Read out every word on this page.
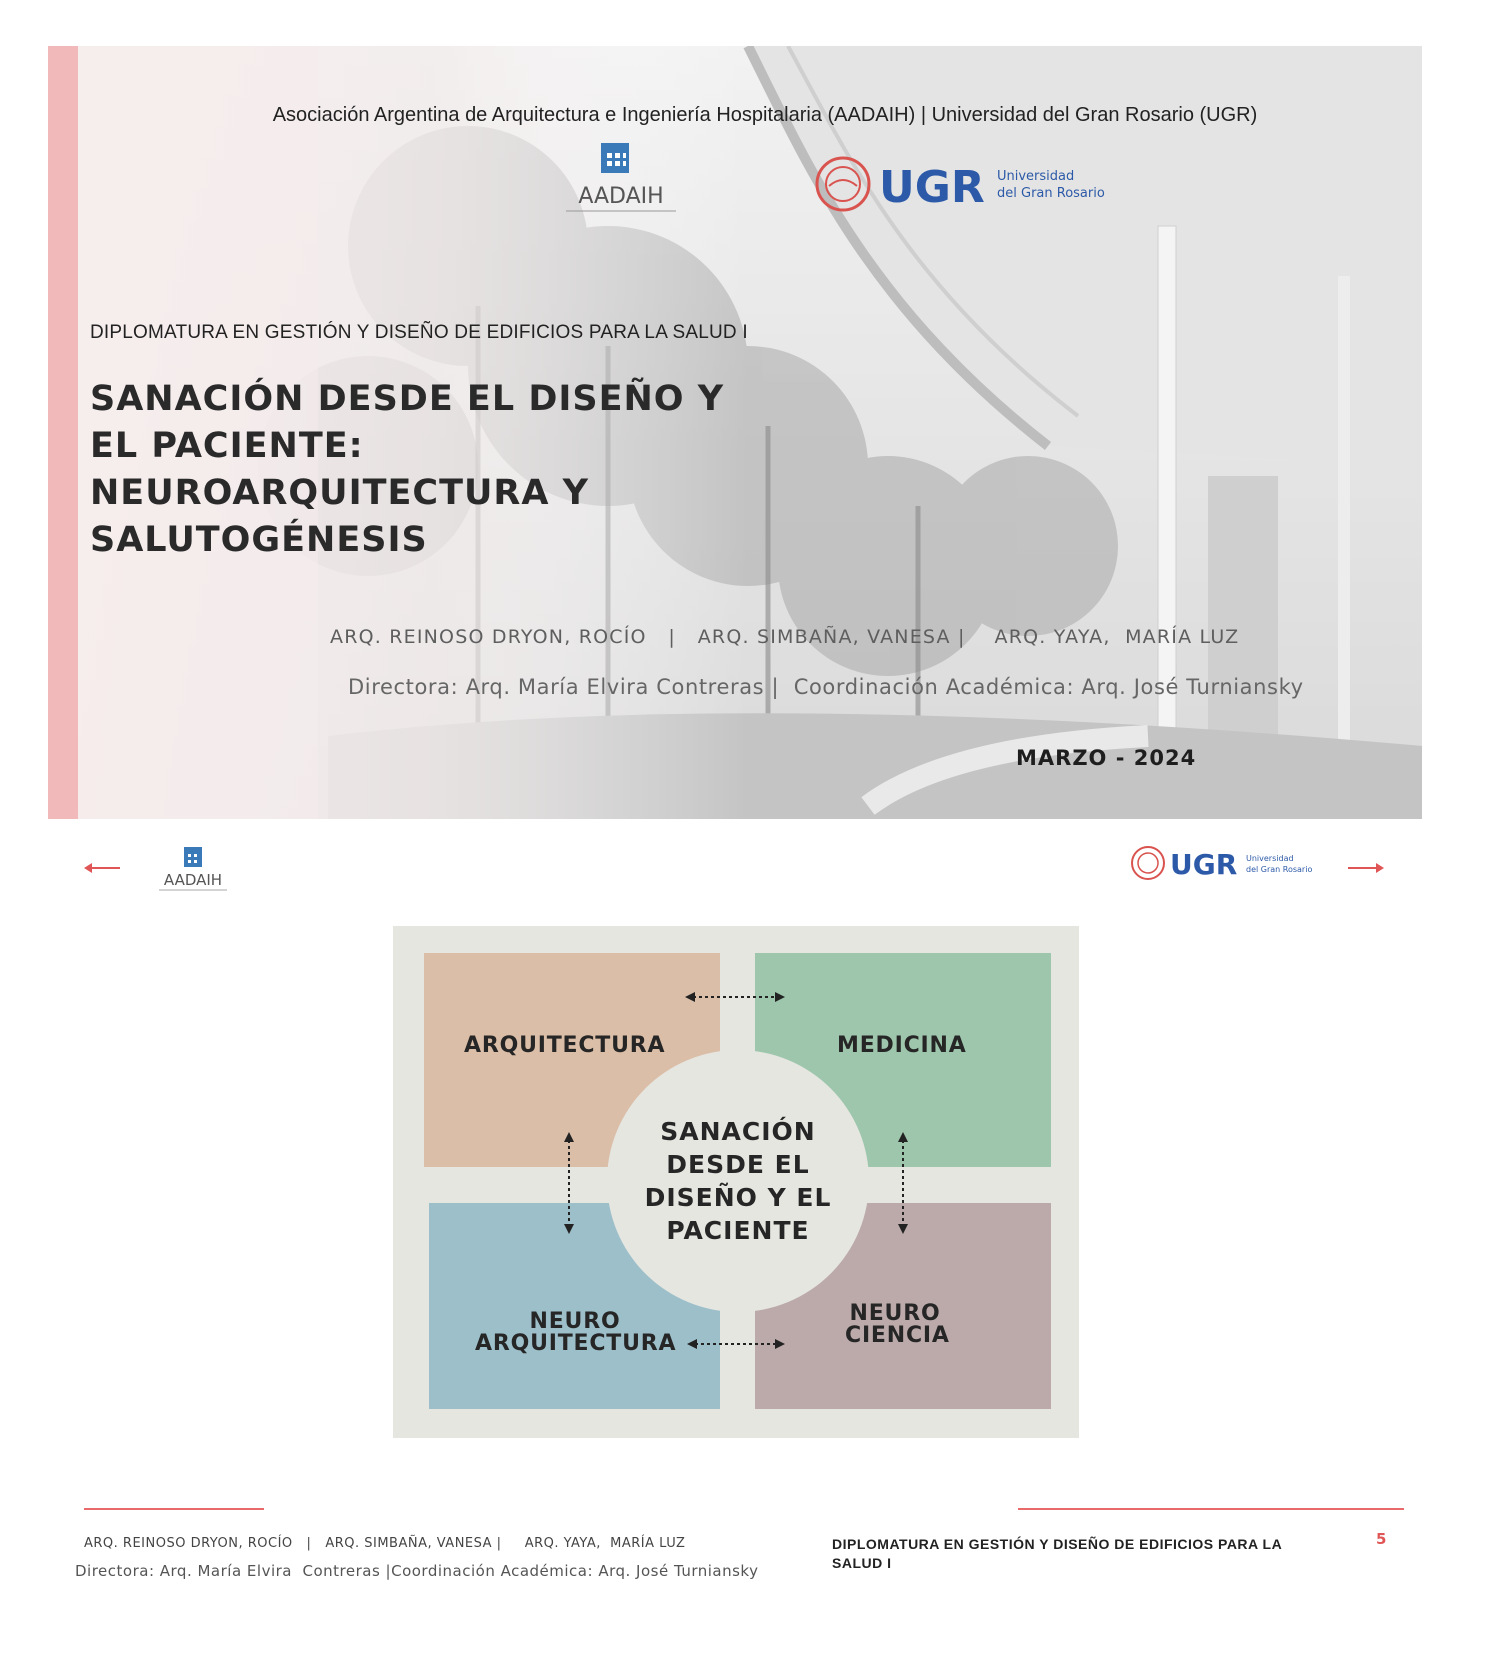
Asociación Argentina de Arquitectura e Ingeniería Hospitalaria (AADAIH) | Universidad del Gran Rosario (UGR)
AADAIH	UGR Universidad
del Gran Rosario
DIPLOMATURA EN GESTIÓN Y DISEÑO DE EDIFICIOS PARA LA SALUD I
SANACIÓN DESDE EL DISEÑO Y
EL PACIENTE:
NEUROARQUITECTURA Y
SALUTOGÉNESIS
ARQ. REINOSO DRYON, ROCÍO   |   ARQ. SIMBAÑA, VANESA |    ARQ. YAYA,  MARÍA LUZ
Directora: Arq. María Elvira Contreras |  Coordinación Académica: Arq. José Turniansky
MARZO - 2024
AADAIH	UGR Universidad
del Gran Rosario
ARQUITECTURA	MEDICINA
NEURO
ARQUITECTURA
NEURO
CIENCIA
SANACIÓN DESDE EL DISEÑO Y EL PACIENTE
ARQ. REINOSO DRYON, ROCÍO   |   ARQ. SIMBAÑA, VANESA |     ARQ. YAYA,  MARÍA LUZ
Directora: Arq. María Elvira  Contreras |Coordinación Académica: Arq. José Turniansky
DIPLOMATURA EN GESTIÓN Y DISEÑO DE EDIFICIOS PARA LA SALUD I
5
